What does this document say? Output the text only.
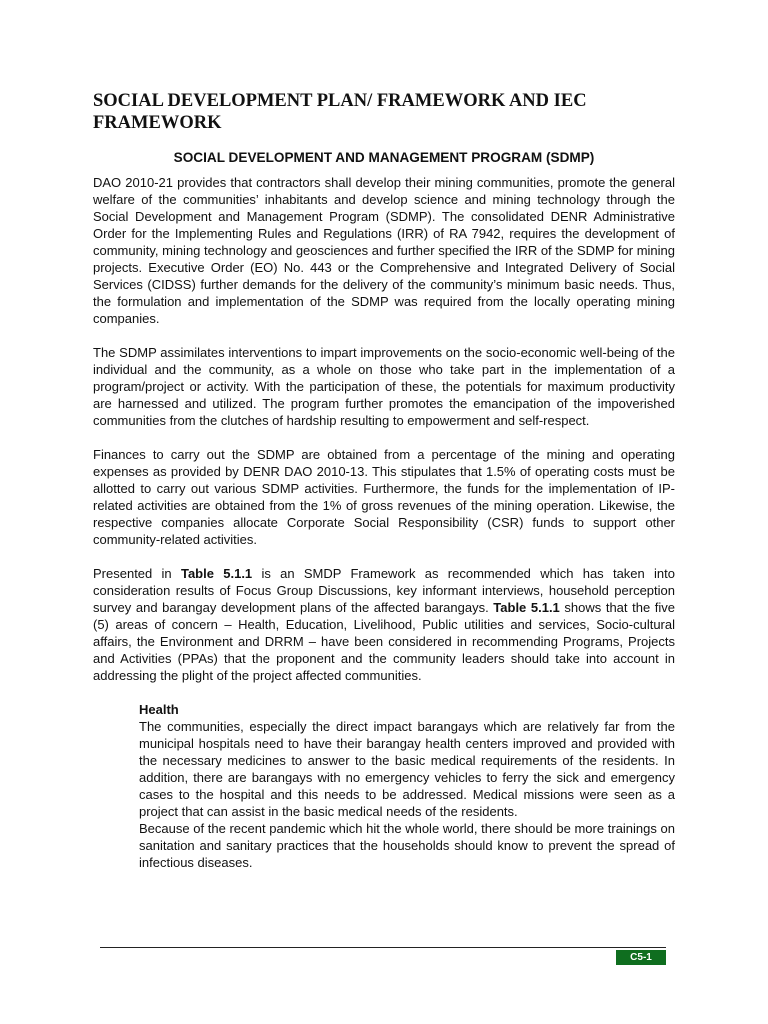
SOCIAL DEVELOPMENT PLAN/ FRAMEWORK AND IEC FRAMEWORK
SOCIAL DEVELOPMENT AND MANAGEMENT PROGRAM (SDMP)

DAO 2010-21 provides that contractors shall develop their mining communities, promote the general welfare of the communities’ inhabitants and develop science and mining technology through the Social Development and Management Program (SDMP). The consolidated DENR Administrative Order for the Implementing Rules and Regulations (IRR) of RA 7942, requires the development of community, mining technology and geosciences and further specified the IRR of the SDMP for mining projects. Executive Order (EO) No. 443 or the Comprehensive and Integrated Delivery of Social Services (CIDSS) further demands for the delivery of the community’s minimum basic needs. Thus, the formulation and implementation of the SDMP was required from the locally operating mining companies.

The SDMP assimilates interventions to impart improvements on the socio-economic well-being of the individual and the community, as a whole on those who take part in the implementation of a program/project or activity. With the participation of these, the potentials for maximum productivity are harnessed and utilized. The program further promotes the emancipation of the impoverished communities from the clutches of hardship resulting to empowerment and self-respect.

Finances to carry out the SDMP are obtained from a percentage of the mining and operating expenses as provided by DENR DAO 2010-13. This stipulates that 1.5% of operating costs must be allotted to carry out various SDMP activities. Furthermore, the funds for the implementation of IP-related activities are obtained from the 1% of gross revenues of the mining operation. Likewise, the respective companies allocate Corporate Social Responsibility (CSR) funds to support other community-related activities.

Presented in Table 5.1.1 is an SMDP Framework as recommended which has taken into consideration results of Focus Group Discussions, key informant interviews, household perception survey and barangay development plans of the affected barangays. Table 5.1.1 shows that the five (5) areas of concern – Health, Education, Livelihood, Public utilities and services, Socio-cultural affairs, the Environment and DRRM – have been considered in recommending Programs, Projects and Activities (PPAs) that the proponent and the community leaders should take into account in addressing the plight of the project affected communities.

Health

The communities, especially the direct impact barangays which are relatively far from the municipal hospitals need to have their barangay health centers improved and provided with the necessary medicines to answer to the basic medical requirements of the residents. In addition, there are barangays with no emergency vehicles to ferry the sick and emergency cases to the hospital and this needs to be addressed. Medical missions were seen as a project that can assist in the basic medical needs of the residents.

Because of the recent pandemic which hit the whole world, there should be more trainings on sanitation and sanitary practices that the households should know to prevent the spread of infectious diseases.

C5-1
